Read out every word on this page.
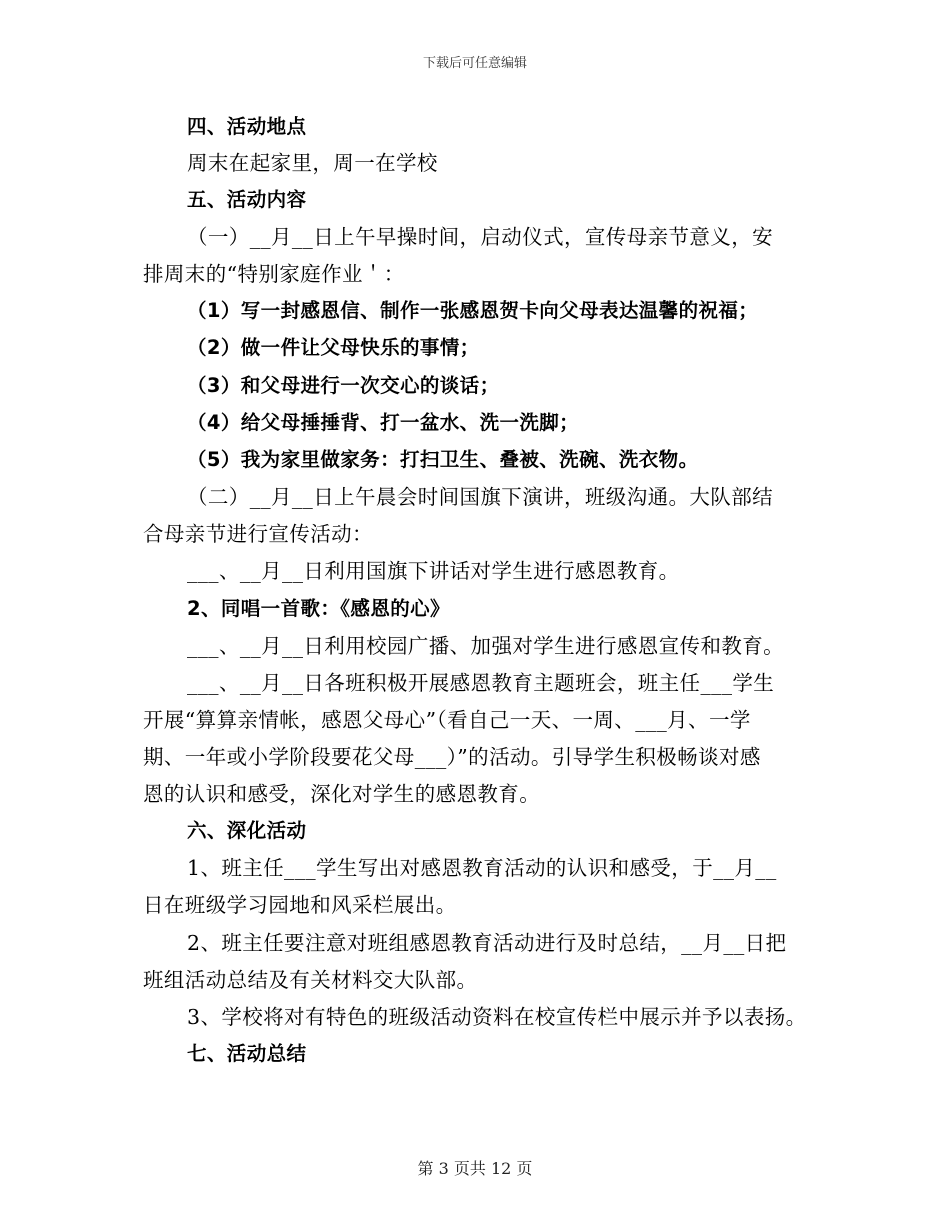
下载后可任意编辑
四、活动地点
周末在起家里，周一在学校
五、活动内容
（一）__月__日上午早操时间，启动仪式，宣传母亲节意义，安
排周末的“特别家庭作业＇：
（1）写一封感恩信、制作一张感恩贺卡向父母表达温馨的祝福；
（2）做一件让父母快乐的事情；
（3）和父母进行一次交心的谈话；
（4）给父母捶捶背、打一盆水、洗一洗脚；
（5）我为家里做家务：打扫卫生、叠被、洗碗、洗衣物。
（二）__月__日上午晨会时间国旗下演讲，班级沟通。大队部结
合母亲节进行宣传活动：
___、__月__日利用国旗下讲话对学生进行感恩教育。
2、同唱一首歌：《感恩的心》
___、__月__日利用校园广播、加强对学生进行感恩宣传和教育。
___、__月__日各班积极开展感恩教育主题班会，班主任___学生
开展“算算亲情帐，感恩父母心”（看自己一天、一周、___月、一学
期、一年或小学阶段要花父母___）”的活动。引导学生积极畅谈对感
恩的认识和感受，深化对学生的感恩教育。
六、深化活动
1、班主任___学生写出对感恩教育活动的认识和感受，于__月__
日在班级学习园地和风采栏展出。
2、班主任要注意对班组感恩教育活动进行及时总结，__月__日把
班组活动总结及有关材料交大队部。
3、学校将对有特色的班级活动资料在校宣传栏中展示并予以表扬。
七、活动总结
第 3 页共 12 页
